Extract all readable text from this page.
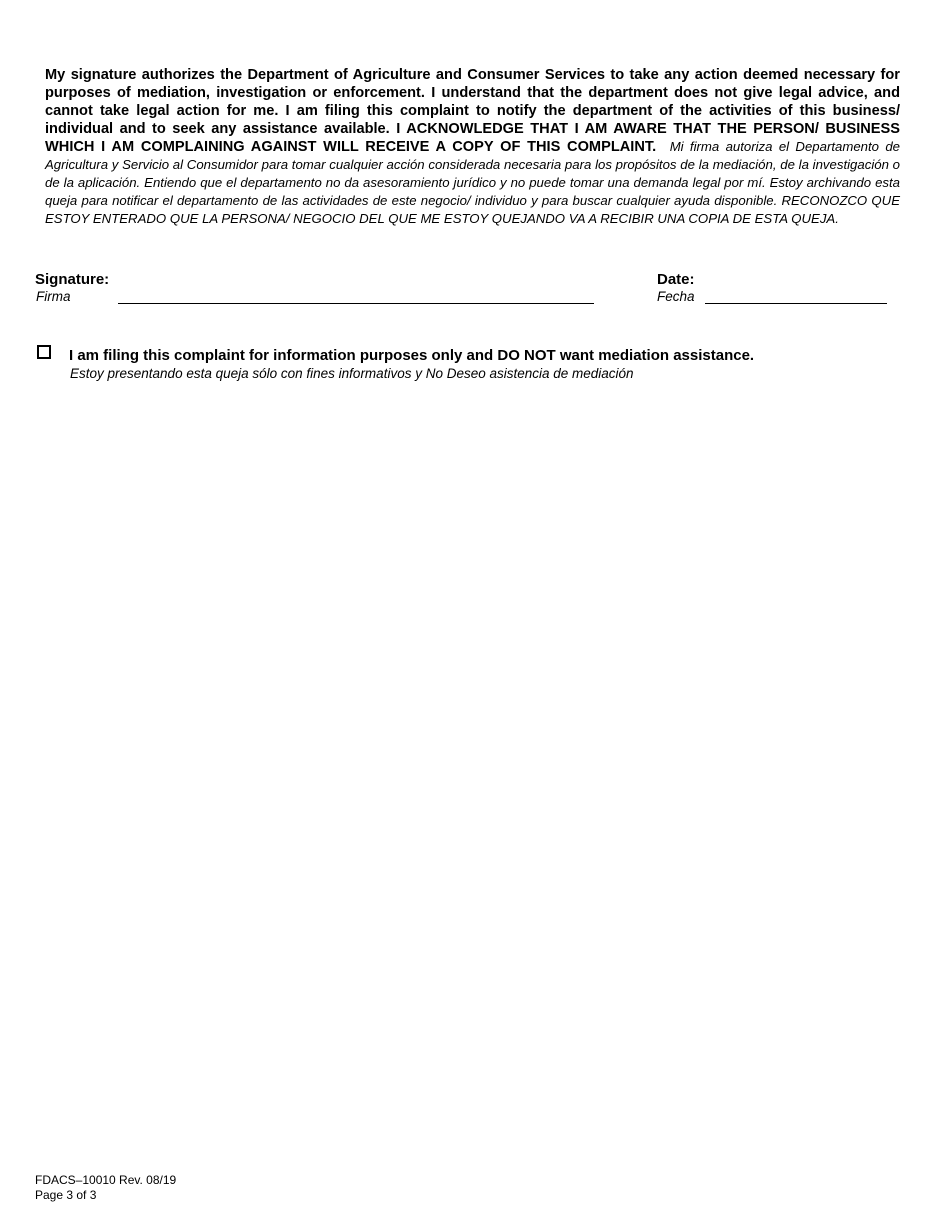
My signature authorizes the Department of Agriculture and Consumer Services to take any action deemed necessary for purposes of mediation, investigation or enforcement. I understand that the department does not give legal advice, and cannot take legal action for me. I am filing this complaint to notify the department of the activities of this business/ individual and to seek any assistance available. I ACKNOWLEDGE THAT I AM AWARE THAT THE PERSON/ BUSINESS WHICH I AM COMPLAINING AGAINST WILL RECEIVE A COPY OF THIS COMPLAINT. Mi firma autoriza el Departamento de Agricultura y Servicio al Consumidor para tomar cualquier acción considerada necesaria para los propósitos de la mediación, de la investigación o de la aplicación. Entiendo que el departamento no da asesoramiento jurídico y no puede tomar una demanda legal por mí. Estoy archivando esta queja para notificar el departamento de las actividades de este negocio/ individuo y para buscar cualquier ayuda disponible. RECONOZCO QUE ESTOY ENTERADO QUE LA PERSONA/ NEGOCIO DEL QUE ME ESTOY QUEJANDO VA A RECIBIR UNA COPIA DE ESTA QUEJA.
Signature:
Firma
Date:
Fecha
I am filing this complaint for information purposes only and DO NOT want mediation assistance.
Estoy presentando esta queja sólo con fines informativos y No Deseo asistencia de mediación
FDACS–10010 Rev. 08/19
Page 3 of 3
